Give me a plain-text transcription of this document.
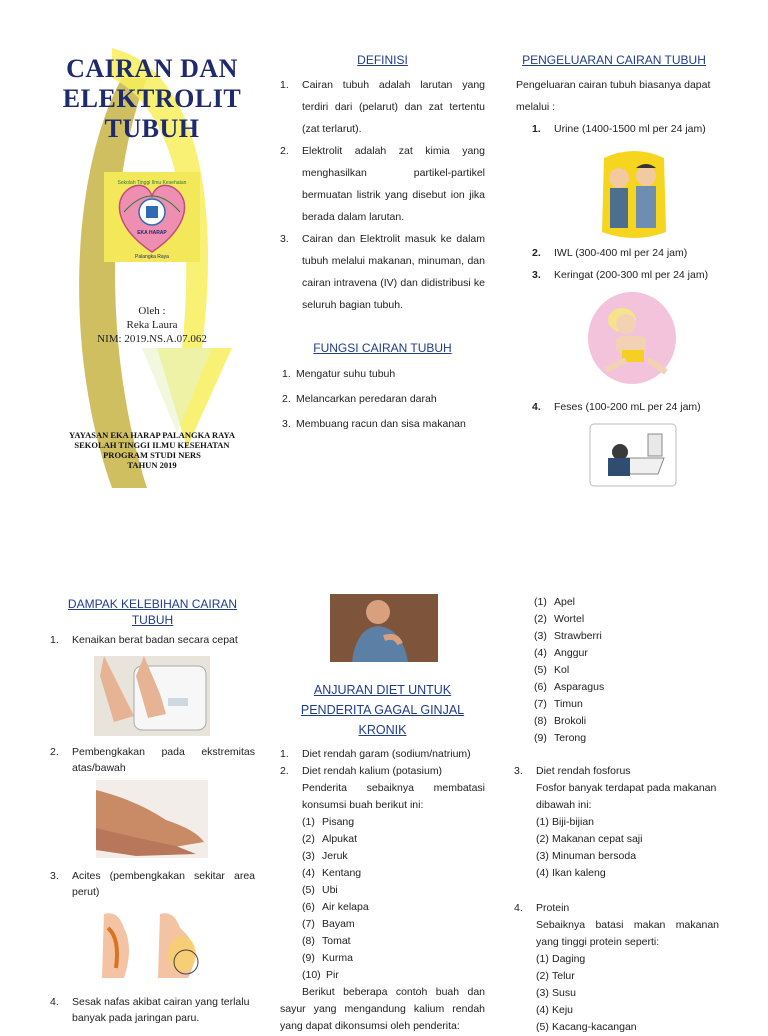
CAIRAN DAN
ELEKTROLIT
TUBUH
Sekolah Tinggi Ilmu Kesehatan
EKA HARAP
Palangka Raya
Oleh :
Reka Laura
NIM: 2019.NS.A.07.062
YAYASAN EKA HARAP PALANGKA RAYA
SEKOLAH TINGGI ILMU KESEHATAN
PROGRAM STUDI NERS
TAHUN 2019
DEFINISI
1. Cairan tubuh adalah larutan yang terdiri dari (pelarut) dan zat tertentu (zat terlarut).
2. Elektrolit adalah zat kimia yang menghasilkan partikel-partikel bermuatan listrik yang disebut ion jika berada dalam larutan.
3. Cairan dan Elektrolit masuk ke dalam tubuh melalui makanan, minuman, dan cairan intravena (IV) dan didistribusi ke seluruh bagian tubuh.
FUNGSI CAIRAN TUBUH
1. Mengatur suhu tubuh
2. Melancarkan peredaran darah
3. Membuang racun dan sisa makanan
PENGELUARAN CAIRAN TUBUH
Pengeluaran cairan tubuh biasanya dapat melalui :
1. Urine (1400-1500 ml per 24 jam)
2. IWL (300-400 ml per 24 jam)
3. Keringat (200-300 ml per 24 jam)
4. Feses (100-200 mL per 24 jam)
DAMPAK KELEBIHAN CAIRAN TUBUH
1. Kenaikan berat badan secara cepat
2. Pembengkakan pada ekstremitas atas/bawah
3. Acites (pembengkakan sekitar area perut)
4. Sesak nafas akibat cairan yang terlalu banyak pada jaringan paru.
ANJURAN DIET UNTUK PENDERITA GAGAL GINJAL KRONIK
1. Diet rendah garam (sodium/natrium)
2. Diet rendah kalium (potasium)
Penderita sebaiknya membatasi konsumsi buah berikut ini:
(1) Pisang
(2) Alpukat
(3) Jeruk
(4) Kentang
(5) Ubi
(6) Air kelapa
(7) Bayam
(8) Tomat
(9) Kurma
(10) Pir
Berikut beberapa contoh buah dan sayur yang mengandung kalium rendah yang dapat dikonsumsi oleh penderita:
(1) Apel
(2) Wortel
(3) Strawberri
(4) Anggur
(5) Kol
(6) Asparagus
(7) Timun
(8) Brokoli
(9) Terong
3. Diet rendah fosforus
Fosfor banyak terdapat pada makanan dibawah ini:
(1) Biji-bijian
(2) Makanan cepat saji
(3) Minuman bersoda
(4) Ikan kaleng
4. Protein
Sebaiknya batasi makan makanan yang tinggi protein seperti:
(1) Daging
(2) Telur
(3) Susu
(4) Keju
(5) Kacang-kacangan
